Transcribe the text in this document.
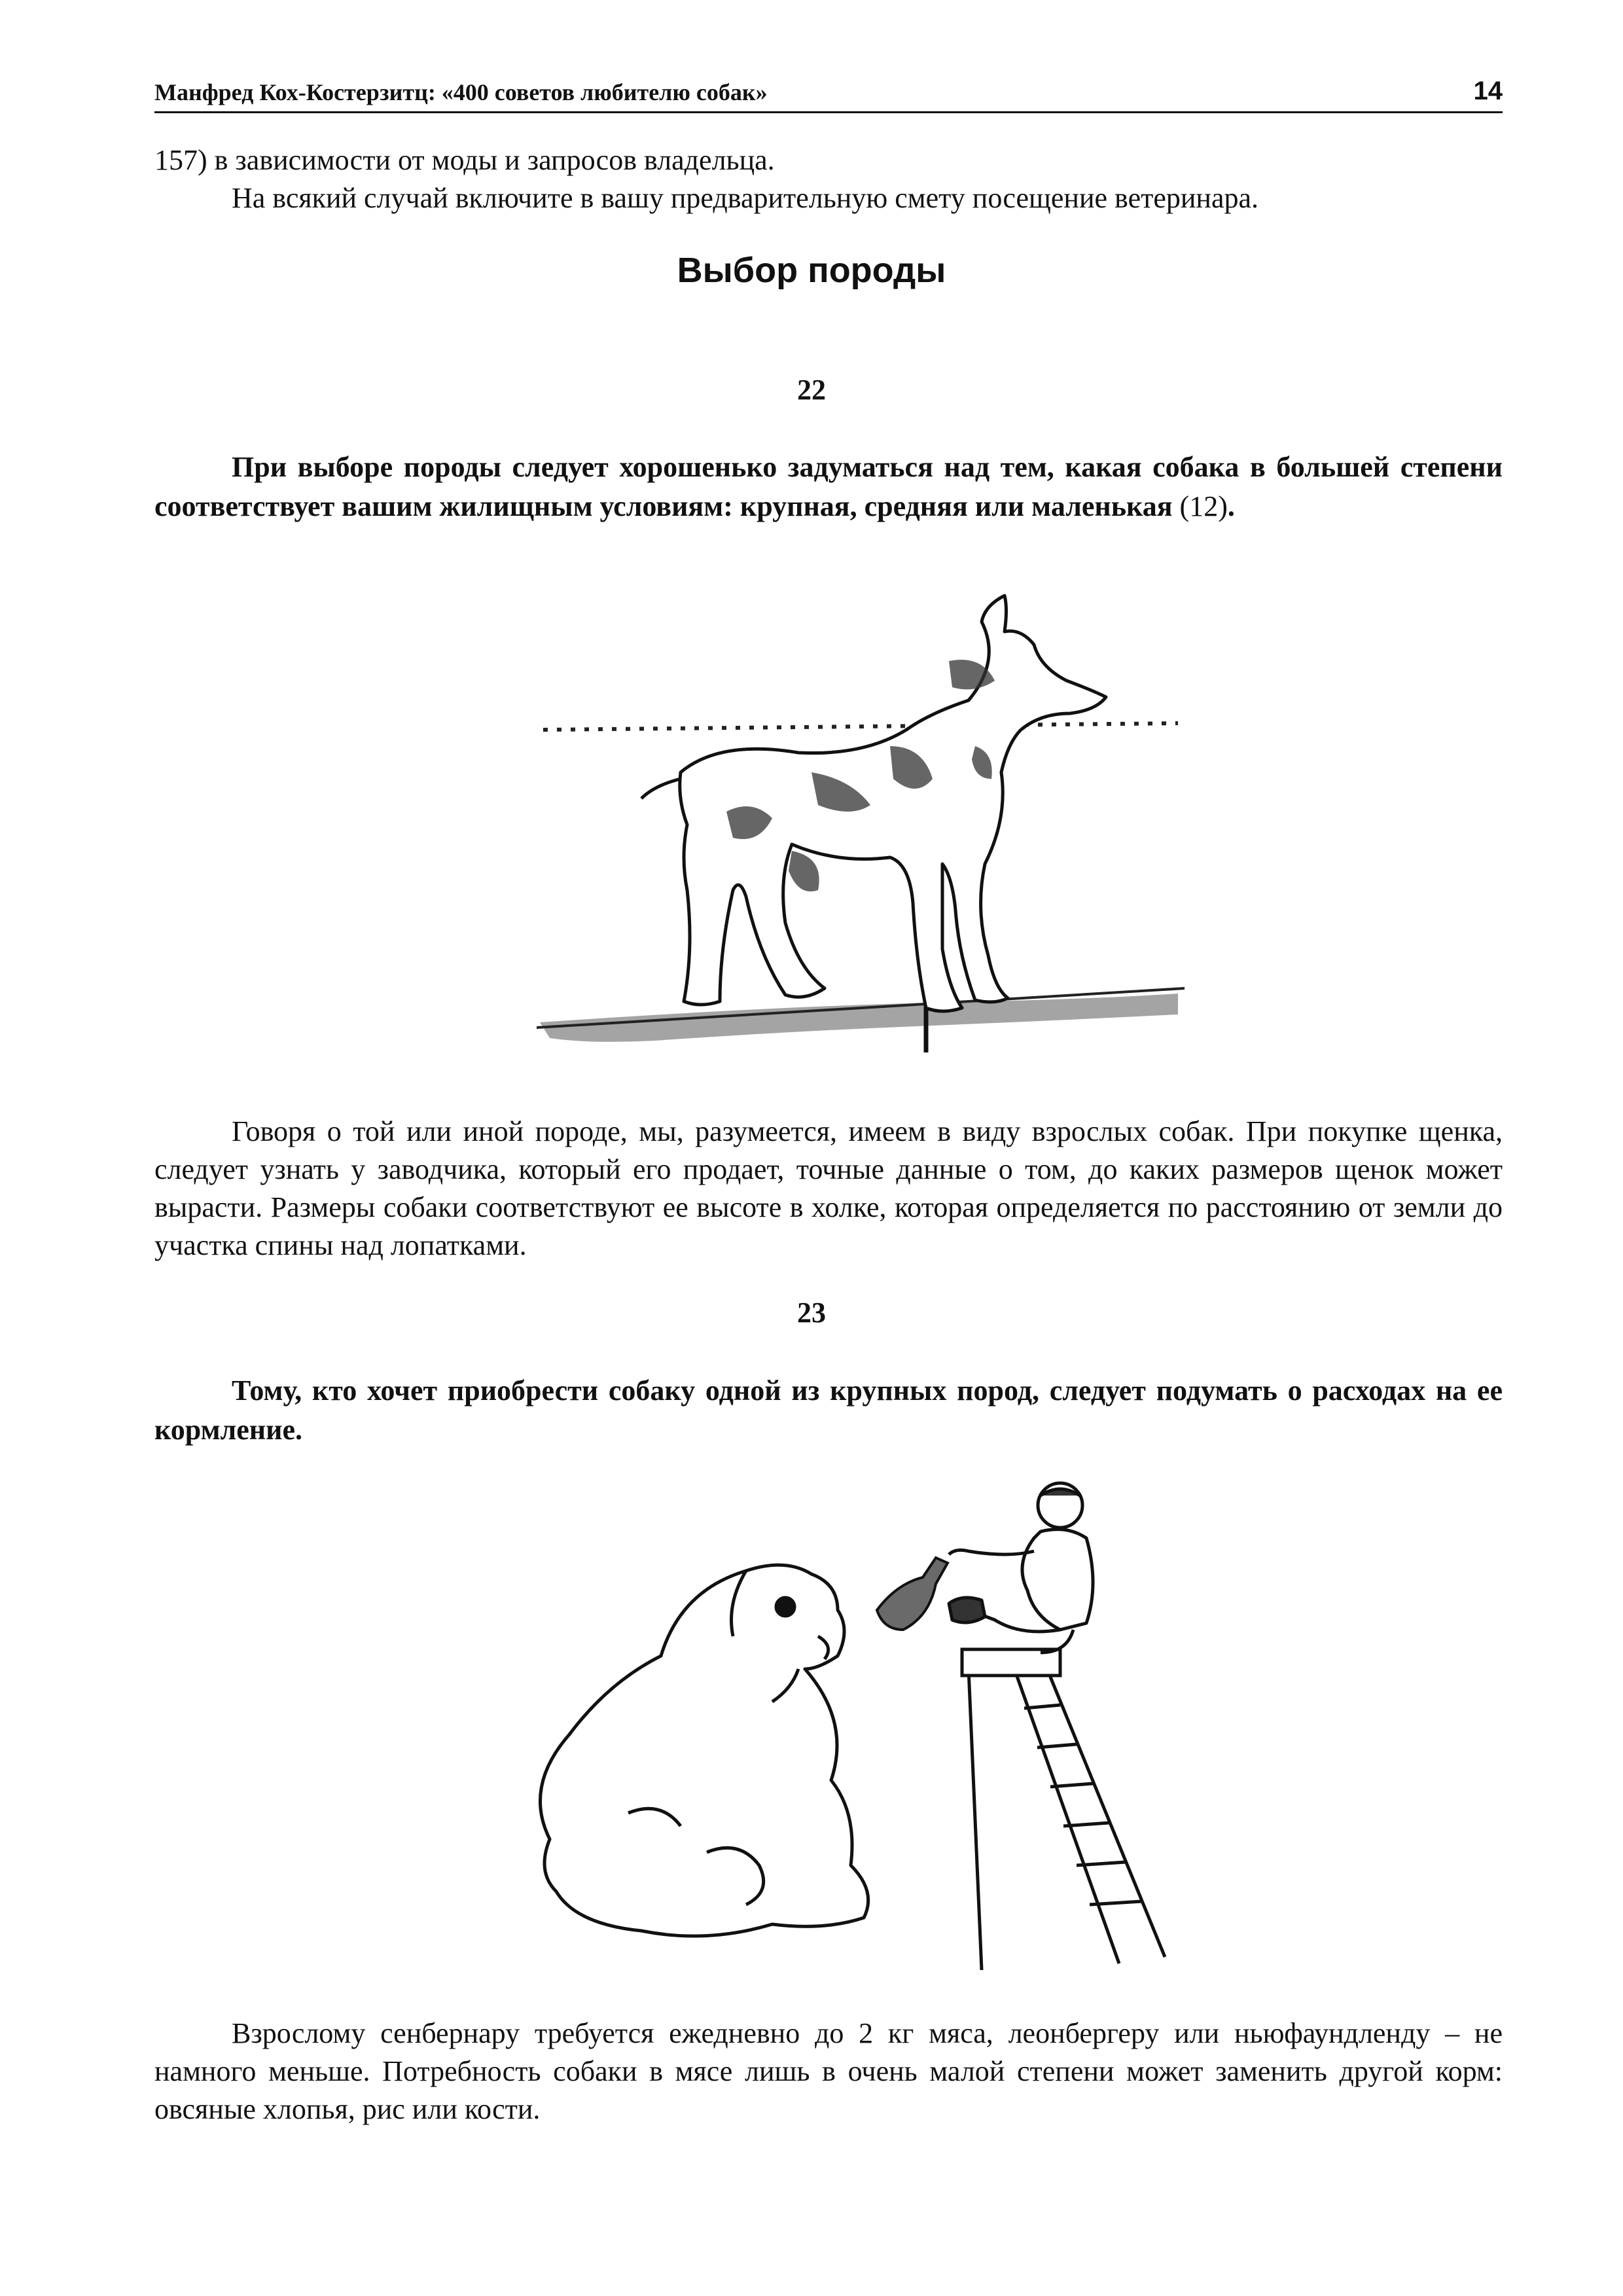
Манфред Кох-Костерзитц: «400 советов любителю собак»	14

157) в зависимости от моды и запросов владельца.

На всякий случай включите в вашу предварительную смету посещение ветеринара.

Выбор породы
22

При выборе породы следует хорошенько задуматься над тем, какая собака в большей степени соответствует вашим жилищным условиям: крупная, средняя или маленькая (12).

Говоря о той или иной породе, мы, разумеется, имеем в виду взрослых собак. При покупке щенка, следует узнать у заводчика, который его продает, точные данные о том, до каких размеров щенок может вырасти. Размеры собаки соответствуют ее высоте в холке, которая определяется по расстоянию от земли до участка спины над лопатками.

23

Тому, кто хочет приобрести собаку одной из крупных пород, следует подумать о расходах на ее кормление.

Взрослому сенбернару требуется ежедневно до 2 кг мяса, леонбергеру или ньюфаундленду – не намного меньше. Потребность собаки в мясе лишь в очень малой степени может заменить другой корм: овсяные хлопья, рис или кости.
